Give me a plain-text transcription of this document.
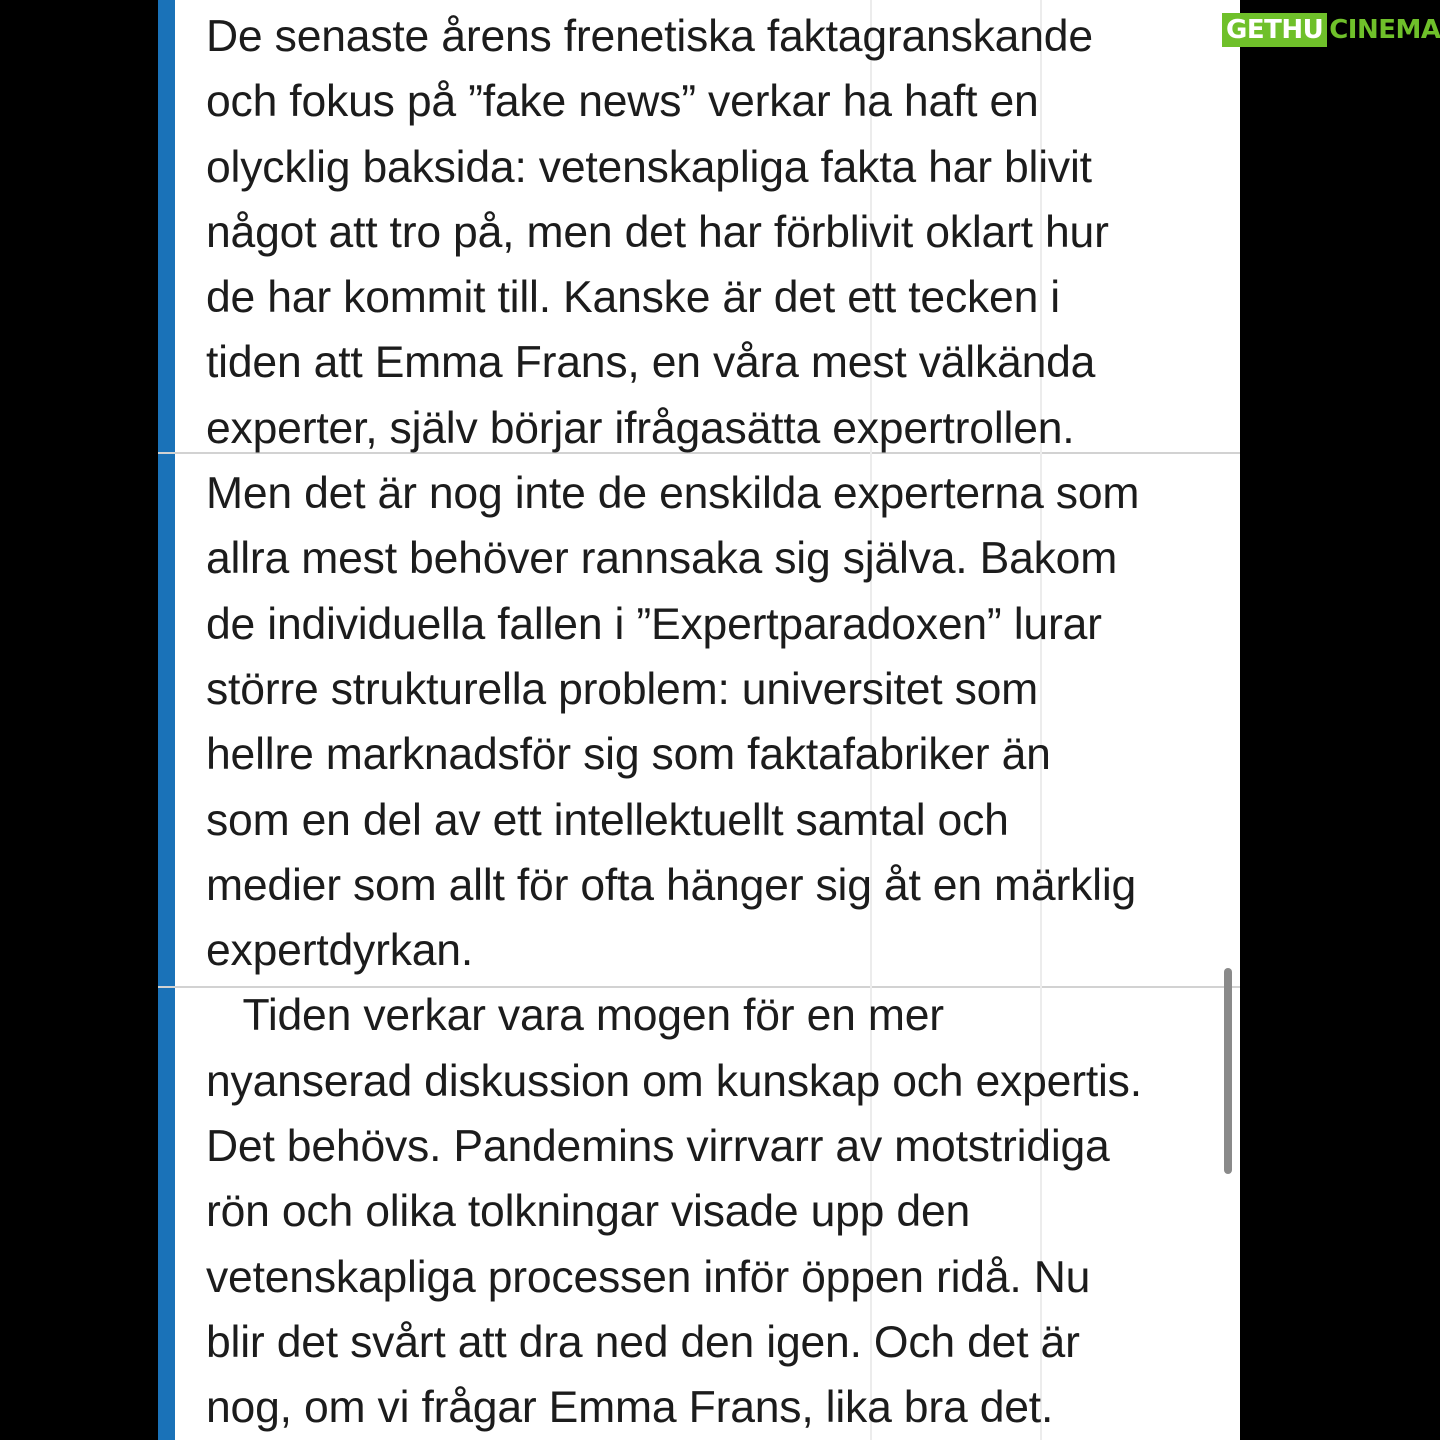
De senaste årens frenetiska faktagranskande
och fokus på ”fake news” verkar ha haft en
olycklig baksida: vetenskapliga fakta har blivit
något att tro på, men det har förblivit oklart hur
de har kommit till. Kanske är det ett tecken i
tiden att Emma Frans, en våra mest välkända
experter, själv börjar ifrågasätta expertrollen.
Men det är nog inte de enskilda experterna som
allra mest behöver rannsaka sig själva. Bakom
de individuella fallen i ”Expertparadoxen” lurar
större strukturella problem: universitet som
hellre marknadsför sig som faktafabriker än
som en del av ett intellektuellt samtal och
medier som allt för ofta hänger sig åt en märklig
expertdyrkan.
Tiden verkar vara mogen för en mer
nyanserad diskussion om kunskap och expertis.
Det behövs. Pandemins virrvarr av motstridiga
rön och olika tolkningar visade upp den
vetenskapliga processen inför öppen ridå. Nu
blir det svårt att dra ned den igen. Och det är
nog, om vi frågar Emma Frans, lika bra det.
GETHU CINEMA
